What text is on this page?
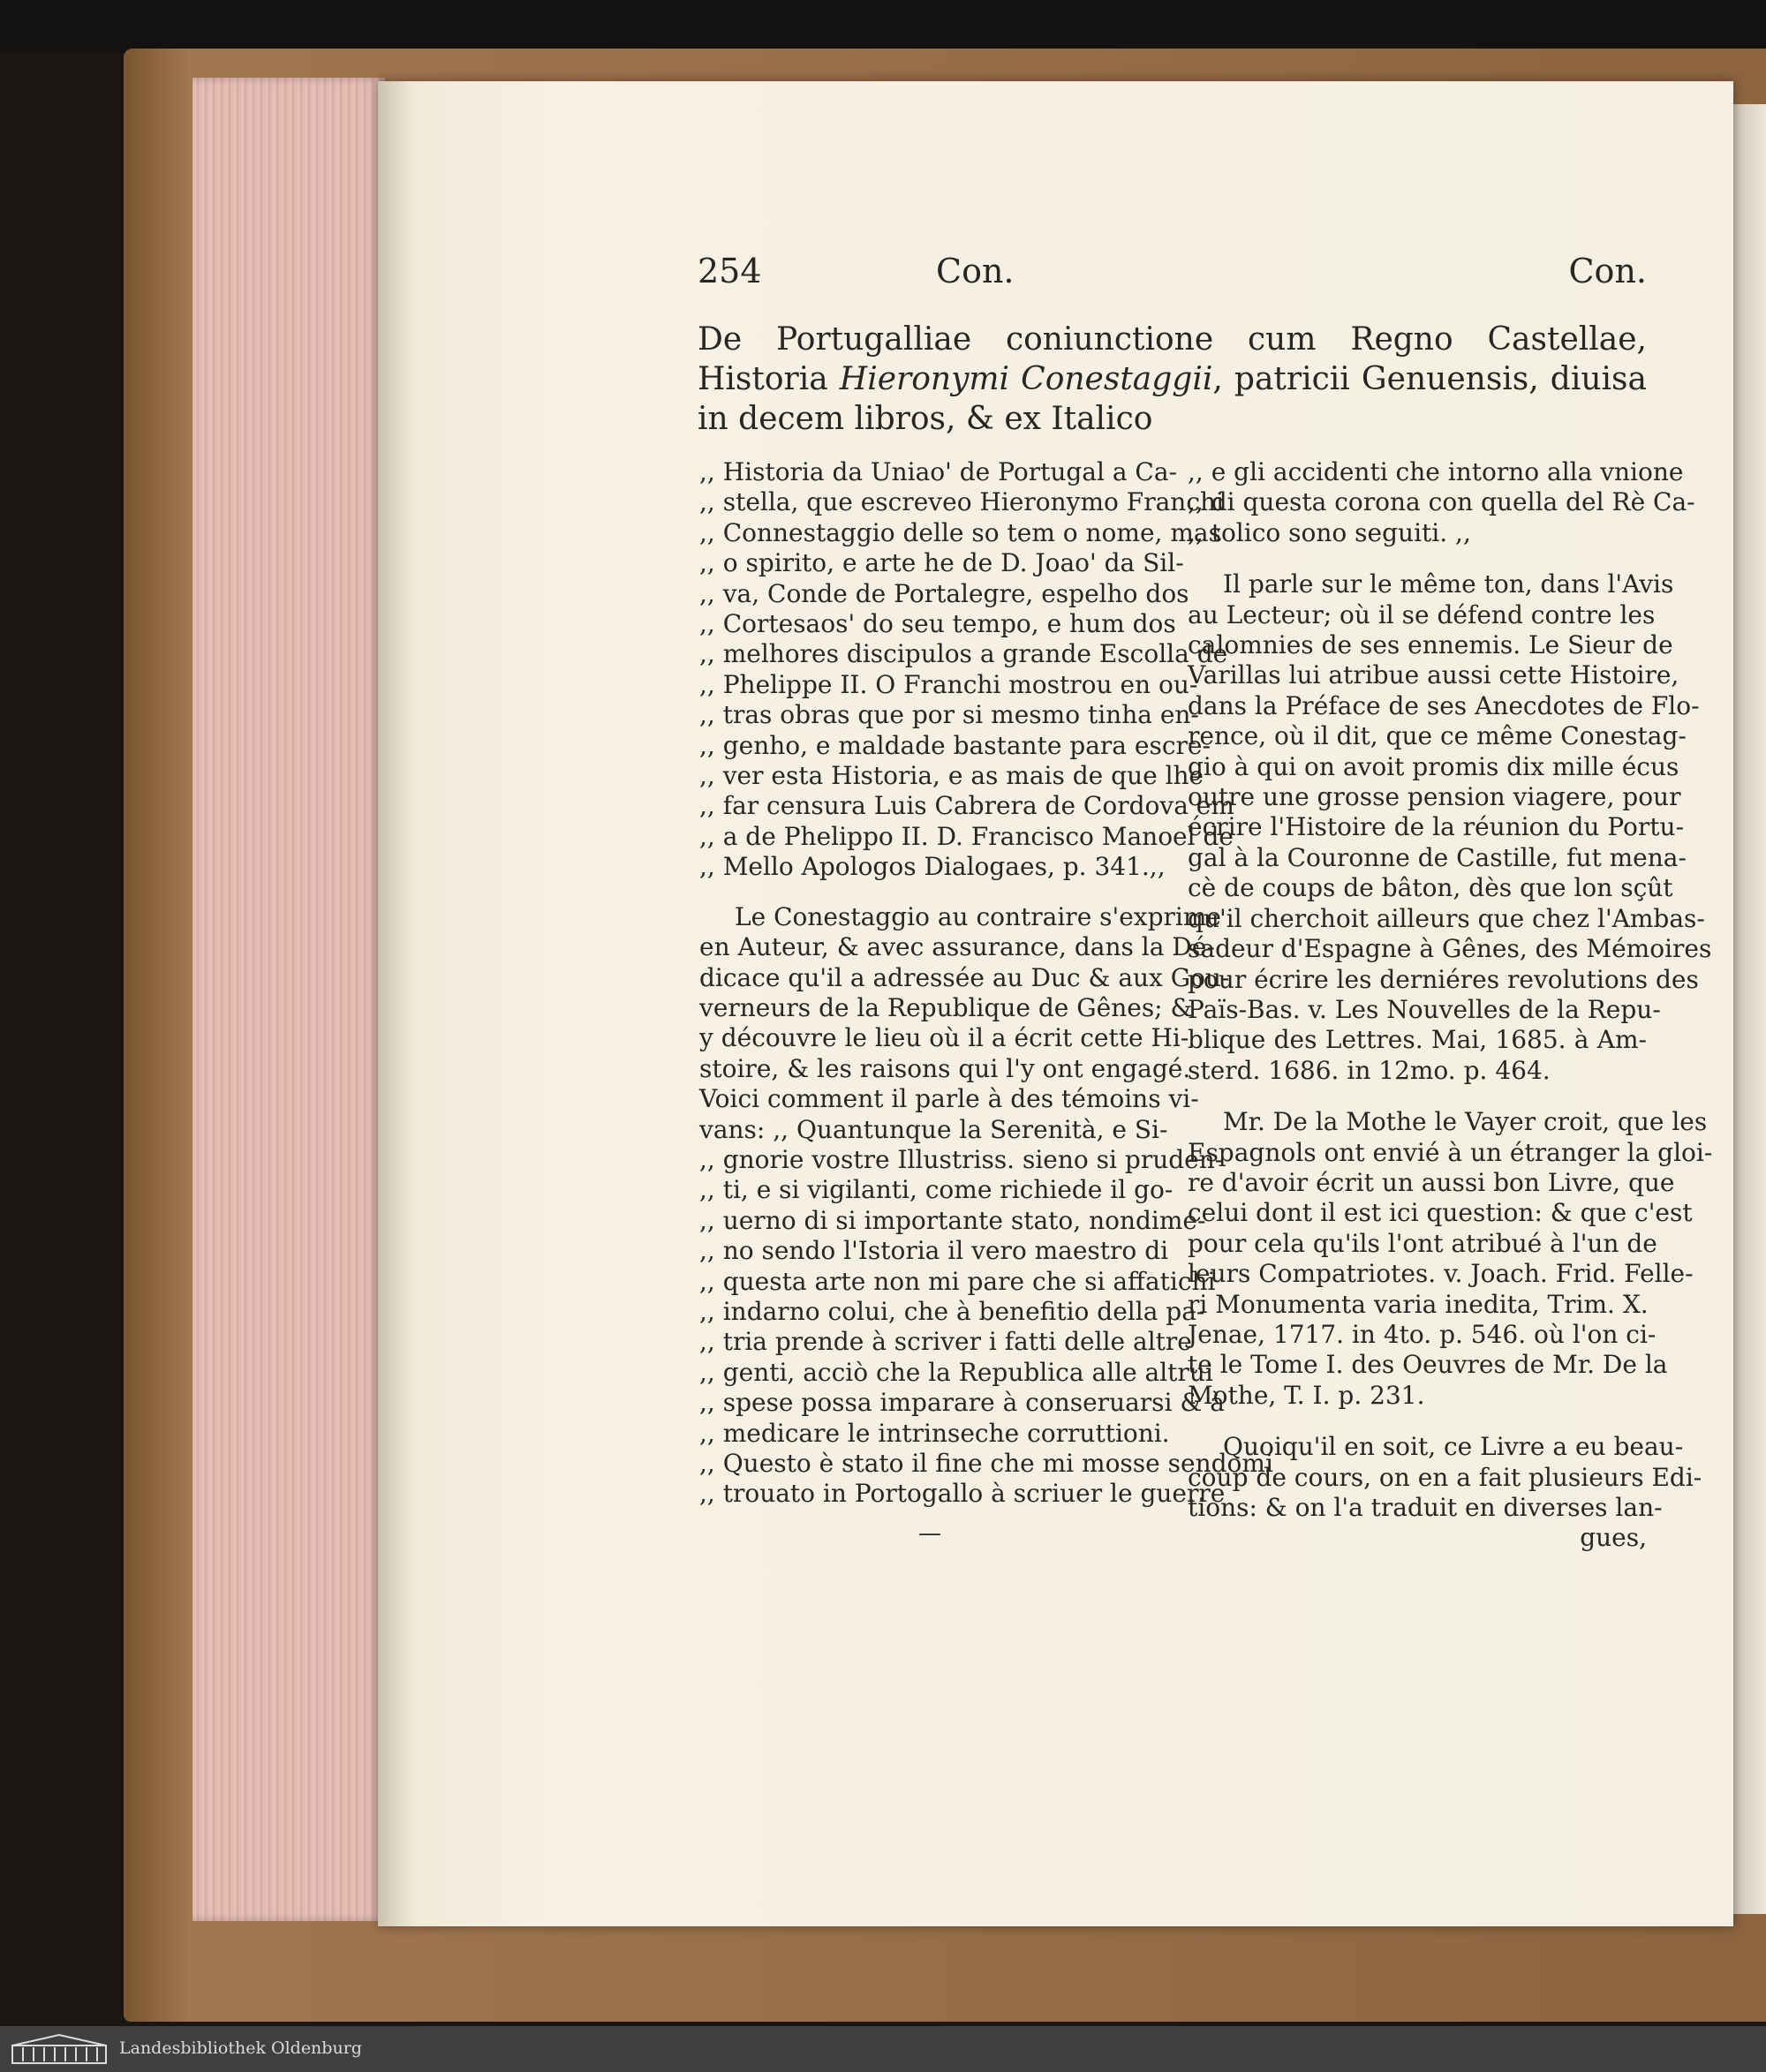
254	Con.	Con.
De Portugalliae coniunctione cum Regno Castellae, Historia Hieronymi Conestaggii, patricii Genuensis, diuisa in decem libros, & ex Italico
,, Historia da Uniao' de Portugal a Ca-
,, stella, que escreveo Hieronymo Franchi
,, Connestaggio delle so tem o nome, mas
,, o spirito, e arte he de D. Joao' da Sil-
,, va, Conde de Portalegre, espelho dos
,, Cortesaos' do seu tempo, e hum dos
,, melhores discipulos a grande Escolla de
,, Phelippe II. O Franchi mostrou en ou-
,, tras obras que por si mesmo tinha en-
,, genho, e maldade bastante para escre-
,, ver esta Historia, e as mais de que lhe
,, far censura Luis Cabrera de Cordova em
,, a de Phelippo II. D. Francisco Manoel de
,, Mello Apologos Dialogaes, p. 341.,,
Le Conestaggio au contraire s'exprime
en Auteur, & avec assurance, dans la Dé-
dicace qu'il a adressée au Duc & aux Gou-
verneurs de la Republique de Gênes; &
y découvre le lieu où il a écrit cette Hi-
stoire, & les raisons qui l'y ont engagé.
Voici comment il parle à des témoins vi-
vans: ,, Quantunque la Serenità, e Si-
,, gnorie vostre Illustriss. sieno si pruden-
,, ti, e si vigilanti, come richiede il go-
,, uerno di si importante stato, nondime-
,, no sendo l'Istoria il vero maestro di
,, questa arte non mi pare che si affatichi
,, indarno colui, che à benefitio della pa-
,, tria prende à scriver i fatti delle altre
,, genti, acciò che la Republica alle altrui
,, spese possa imparare à conseruarsi & à
,, medicare le intrinseche corruttioni.
,, Questo è stato il fine che mi mosse sendomi
,, trouato in Portogallo à scriuer le guerre
—
,, e gli accidenti che intorno alla vnione
,, di questa corona con quella del Rè Ca-
,, tolico sono seguiti. ,,
Il parle sur le même ton, dans l'Avis
au Lecteur; où il se défend contre les
calomnies de ses ennemis. Le Sieur de
Varillas lui atribue aussi cette Histoire,
dans la Préface de ses Anecdotes de Flo-
rence, où il dit, que ce même Conestag-
gio à qui on avoit promis dix mille écus
outre une grosse pension viagere, pour
écrire l'Histoire de la réunion du Portu-
gal à la Couronne de Castille, fut mena-
cè de coups de bâton, dès que lon sçût
qu'il cherchoit ailleurs que chez l'Ambas-
sadeur d'Espagne à Gênes, des Mémoires
pour écrire les derniéres revolutions des
Païs-Bas. v. Les Nouvelles de la Repu-
blique des Lettres. Mai, 1685. à Am-
sterd. 1686. in 12mo. p. 464.
Mr. De la Mothe le Vayer croit, que les
Espagnols ont envié à un étranger la gloi-
re d'avoir écrit un aussi bon Livre, que
celui dont il est ici question: & que c'est
pour cela qu'ils l'ont atribué à l'un de
leurs Compatriotes. v. Joach. Frid. Felle-
ri Monumenta varia inedita, Trim. X.
Jenae, 1717. in 4to. p. 546. où l'on ci-
te le Tome I. des Oeuvres de Mr. De la
Mothe, T. I. p. 231.
Quoiqu'il en soit, ce Livre a eu beau-
coup de cours, on en a fait plusieurs Edi-
tions: & on l'a traduit en diverses lan-
gues,
Landesbibliothek Oldenburg
